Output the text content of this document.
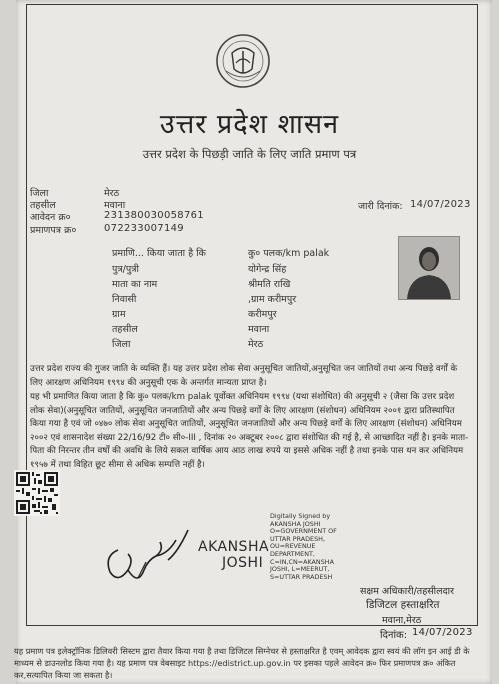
उत्तर प्रदेश शासन
उत्तर प्रदेश के पिछड़ी जाति के लिए जाति प्रमाण पत्र
जिला	मेरठ
तहसील	मवाना
आवेदन क्र०	231380030058761
प्रमाणपत्र क्र०	072233007149
जारी दिनांक: 14/07/2023
प्रमाणि... किया जाता है कि	कु० पलक/km palak
पुत्र/पुत्री	योगेन्द्र सिंह
माता का नाम	श्रीमति राखि
निवासी	,ग्राम करीमपुर
ग्राम	करीमपुर
तहसील	मवाना
जिला	मेरठ
उत्तर प्रदेश राज्य की गुजर जाति के व्यक्ति हैं। यह उत्तर प्रदेश लोक सेवा अनुसूचित जातियों,अनुसूचित जन जातियों तथा अन्य पिछड़े वर्गों के लिए आरक्षण अधिनियम १९९४ की अनुसूची एक के अन्तर्गत मान्यता प्राप्त है।
यह भी प्रमाणित किया जाता है कि कु० पलक/km palak पूर्वोक्त अधिनियम १९९४ (यथा संशोधित) की अनुसूची २ (जैसा कि उत्तर प्रदेश लोक सेवा)(अनुसूचित जातियों, अनुसूचित जनजातियों और अन्य पिछड़े वर्गों के लिए आरक्षण (संशोधन) अधिनियम २००१ द्वारा प्रतिस्थापित किया गया है एवं जो ०४७० लोक सेवा अनुसूचित जातियों, अनुसूचित जनजातियों और अन्य पिछड़े वर्गों के लिए आरक्षण (संशोधन) अधिनियम २००२ एवं शासनादेश संख्या 22/16/92 टी० सी०-III , दिनांक २० अक्टूबर २००८ द्वारा संशोधित की गई है, से आच्छादित नहीं है। इनके माता-पिता की निरन्तर तीन वर्षों की अवधि के लिये सकल वार्षिक आय आठ लाख रुपये या इससे अधिक नहीं है तथा इनके पास धन कर अधिनियम १९५७ में तथा विहित छूट सीमा से अधिक सम्पत्ति नहीं है।
AKANSHA
JOSHI
Digitally Signed by
AKANSHA JOSHI
O=GOVERNMENT OF
UTTAR PRADESH,
OU=REVENUE
DEPARTMENT,
C=IN,CN=AKANSHA
JOSHI, L=MEERUT,
S=UTTAR PRADESH
सक्षम अधिकारी/तहसीलदार
डिजिटल हस्ताक्षरित
मवाना,मेरठ
दिनांक: 14/07/2023
यह प्रमाण पत्र इलेक्ट्रॉनिक डिलिवरी सिस्टम द्वारा तैयार किया गया है तथा डिजिटल सिग्नेचर से हस्ताक्षरित है एवम् आवेदक द्वारा स्वयं की लॉग इन आई डी के माध्यम से डाउनलोड किया गया है। यह प्रमाण पत्र वेबसाइट https://edistrict.up.gov.in पर इसका पहले आवेदन क्र० फिर प्रमाणपत्र क्र० अंकित कर,सत्यापित किया जा सकता है।
